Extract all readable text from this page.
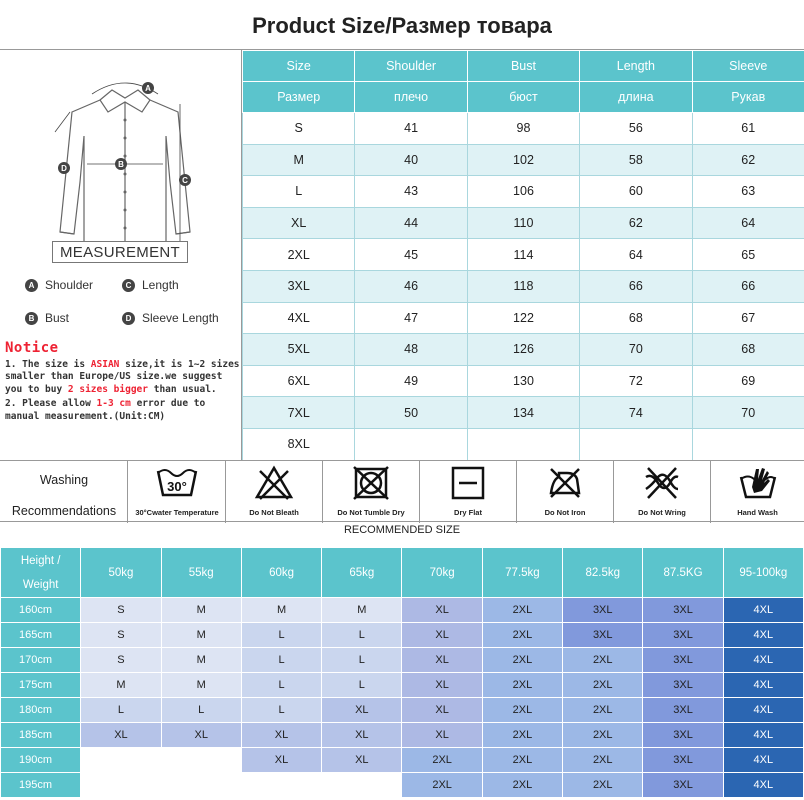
Product Size/Размер товара
A
B
C
D
MEASUREMENT
A Shoulder	C Length
B Bust	D Sleeve Length
Notice
1. The size is ASIAN size,it is 1~2 sizes smaller than Europe/US size.we suggest you to buy 2 sizes bigger than usual.
2. Please allow 1-3 cm error due to manual measurement.(Unit:CM)
Size	Shoulder	Bust	Length	Sleeve
Размер	плечо	бюст	длина	Рукав
S	41	98	56	61
M	40	102	58	62
L	43	106	60	63
XL	44	110	62	64
2XL	45	114	64	65
3XL	46	118	66	66
4XL	47	122	68	67
5XL	48	126	70	68
6XL	49	130	72	69
7XL	50	134	74	70
8XL				
Washing
Recommendations
30°
30°Cwater Temperature	Do Not Bleath	Do Not Tumble Dry	Dry Flat	Do Not Iron	Do Not Wring	Hand Wash
RECOMMENDED SIZE
Height /
Weight	50kg	55kg	60kg	65kg	70kg	77.5kg	82.5kg	87.5KG	95-100kg
160cm	S	M	M	M	XL	2XL	3XL	3XL	4XL
165cm	S	M	L	L	XL	2XL	3XL	3XL	4XL
170cm	S	M	L	L	XL	2XL	2XL	3XL	4XL
175cm	M	M	L	L	XL	2XL	2XL	3XL	4XL
180cm	L	L	L	XL	XL	2XL	2XL	3XL	4XL
185cm	XL	XL	XL	XL	XL	2XL	2XL	3XL	4XL
190cm			XL	XL	2XL	2XL	2XL	3XL	4XL
195cm					2XL	2XL	2XL	3XL	4XL
